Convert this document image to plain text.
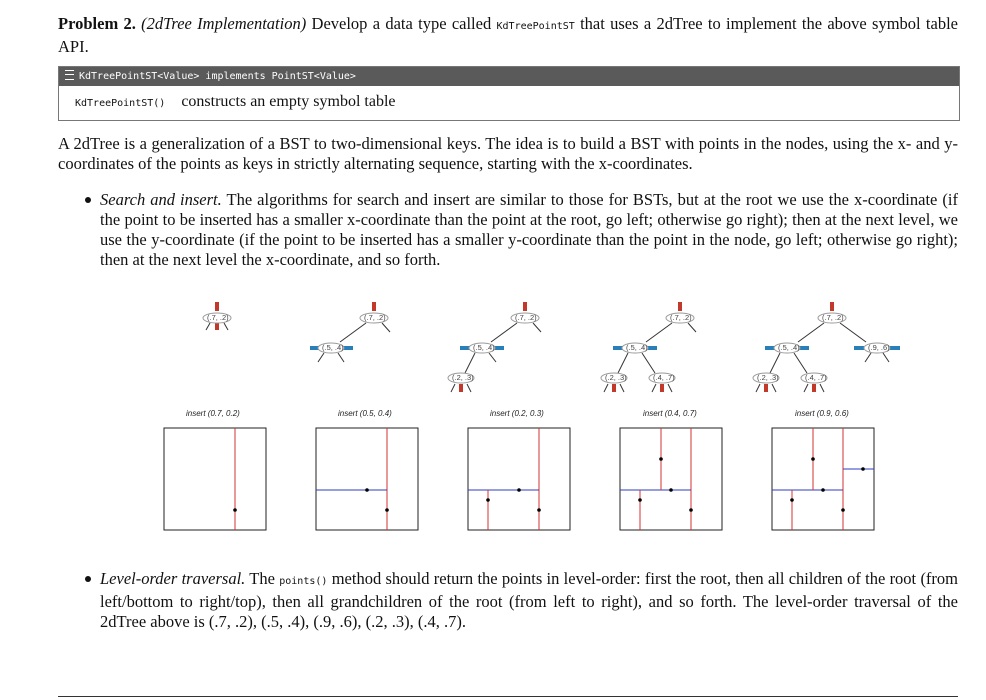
Problem 2. (2dTree Implementation) Develop a data type called KdTreePointST that uses a 2dTree to implement the above symbol table API.
KdTreePointST<Value> implements PointST<Value>
KdTreePointST() constructs an empty symbol table
A 2dTree is a generalization of a BST to two-dimensional keys. The idea is to build a BST with points in the nodes, using the x- and y-coordinates of the points as keys in strictly alternating sequence, starting with the x-coordinates.
Search and insert. The algorithms for search and insert are similar to those for BSTs, but at the root we use the x-coordinate (if the point to be inserted has a smaller x-coordinate than the point at the root, go left; otherwise go right); then at the next level, we use the y-coordinate (if the point to be inserted has a smaller y-coordinate than the point in the node, go left; otherwise go right); then at the next level the x-coordinate, and so forth.
(.7, .2)	(.7, .2)
(.5, .4)
(.7, .2)
(.5, .4)
(.2, .3)
(.7, .2)
(.5, .4)
(.2, .3)	(.4, .7)
(.7, .2)
(.5, .4)	(.9, .6)
(.2, .3)	(.4, .7)
insert (0.7, 0.2)	insert (0.5, 0.4)	insert (0.2, 0.3)	insert (0.4, 0.7)	insert (0.9, 0.6)
Level-order traversal. The points() method should return the points in level-order: first the root, then all children of the root (from left/bottom to right/top), then all grandchildren of the root (from left to right), and so forth. The level-order traversal of the 2dTree above is (.7, .2), (.5, .4), (.9, .6), (.2, .3), (.4, .7).
